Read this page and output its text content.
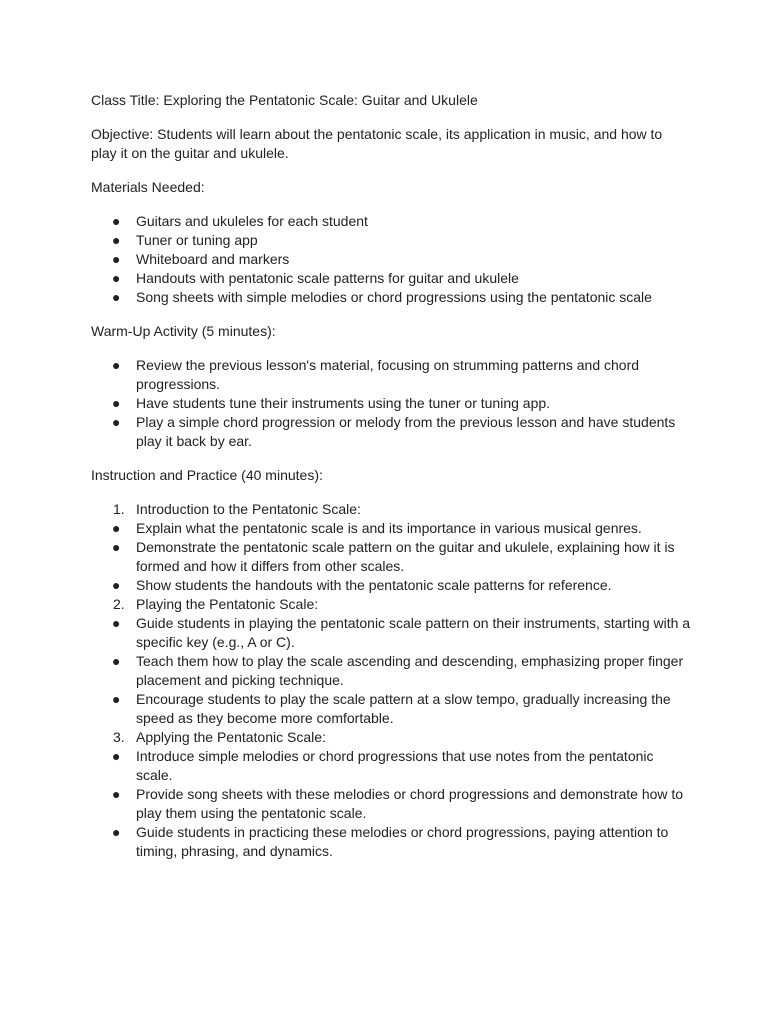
Class Title: Exploring the Pentatonic Scale: Guitar and Ukulele

Objective: Students will learn about the pentatonic scale, its application in music, and how to play it on the guitar and ukulele.

Materials Needed:

● Guitars and ukuleles for each student
● Tuner or tuning app
● Whiteboard and markers
● Handouts with pentatonic scale patterns for guitar and ukulele
● Song sheets with simple melodies or chord progressions using the pentatonic scale

Warm-Up Activity (5 minutes):

● Review the previous lesson's material, focusing on strumming patterns and chord progressions.
● Have students tune their instruments using the tuner or tuning app.
● Play a simple chord progression or melody from the previous lesson and have students play it back by ear.

Instruction and Practice (40 minutes):

1. Introduction to the Pentatonic Scale:
● Explain what the pentatonic scale is and its importance in various musical genres.
● Demonstrate the pentatonic scale pattern on the guitar and ukulele, explaining how it is formed and how it differs from other scales.
● Show students the handouts with the pentatonic scale patterns for reference.
2. Playing the Pentatonic Scale:
● Guide students in playing the pentatonic scale pattern on their instruments, starting with a specific key (e.g., A or C).
● Teach them how to play the scale ascending and descending, emphasizing proper finger placement and picking technique.
● Encourage students to play the scale pattern at a slow tempo, gradually increasing the speed as they become more comfortable.
3. Applying the Pentatonic Scale:
● Introduce simple melodies or chord progressions that use notes from the pentatonic scale.
● Provide song sheets with these melodies or chord progressions and demonstrate how to play them using the pentatonic scale.
● Guide students in practicing these melodies or chord progressions, paying attention to timing, phrasing, and dynamics.
